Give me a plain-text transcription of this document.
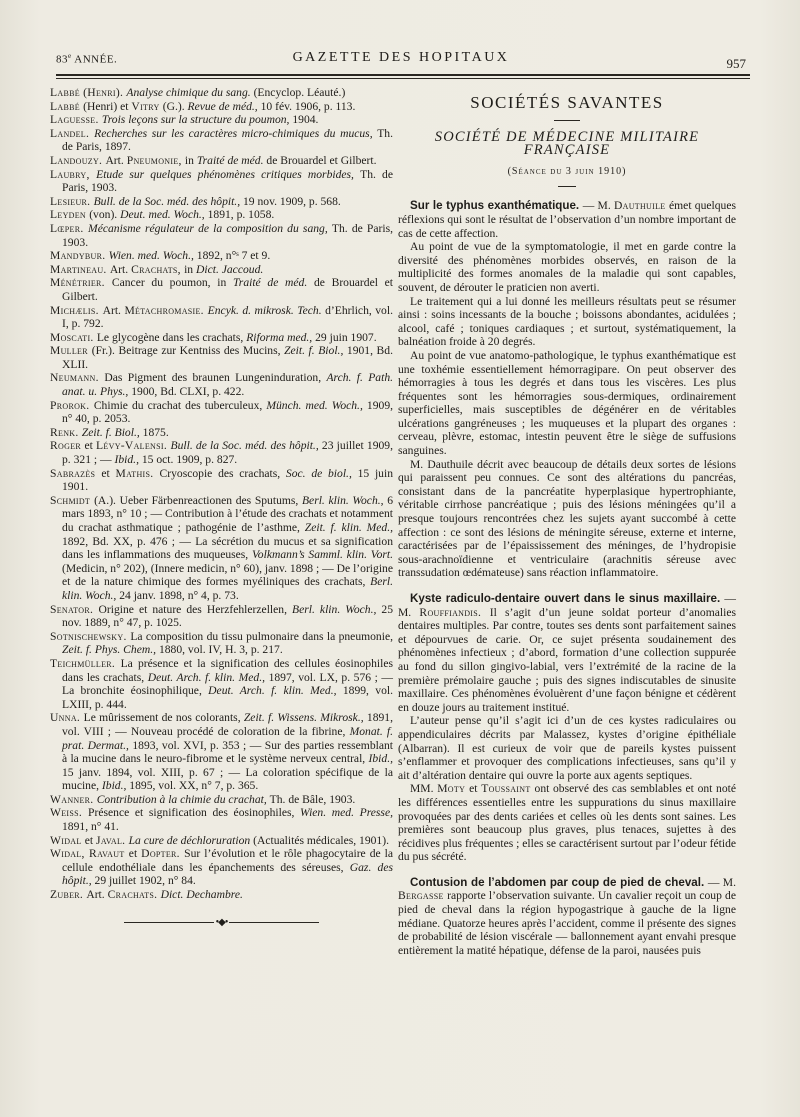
83e ANNÉE.	GAZETTE DES HOPITAUX	957

Labbé (Henri). Analyse chimique du sang. (Encyclop. Léauté.)

Labbé (Henri) et Vitry (G.). Revue de méd., 10 fév. 1906, p. 113.

Laguesse. Trois leçons sur la structure du poumon, 1904.

Landel. Recherches sur les caractères micro-chimiques du mucus, Th. de Paris, 1897.

Landouzy. Art. Pneumonie, in Traité de méd. de Brouardel et Gilbert.

Laubry, Etude sur quelques phénomènes critiques morbides, Th. de Paris, 1903.

Lesieur. Bull. de la Soc. méd. des hôpit., 19 nov. 1909, p. 568.

Leyden (von). Deut. med. Woch., 1891, p. 1058.

Lœper. Mécanisme régulateur de la composition du sang, Th. de Paris, 1903.

Mandybur. Wien. med. Woch., 1892, n°ˢ 7 et 9.

Martineau. Art. Crachats, in Dict. Jaccoud.

Ménétrier. Cancer du poumon, in Traité de méd. de Brouardel et Gilbert.

Michælis. Art. Métachromasie. Encyk. d. mikrosk. Tech. d’Ehrlich, vol. I, p. 792.

Moscati. Le glycogène dans les crachats, Riforma med., 29 juin 1907.

Muller (Fr.). Beitrage zur Kentniss des Mucins, Zeit. f. Biol., 1901, Bd. XLII.

Neumann. Das Pigment des braunen Lungeninduration, Arch. f. Path. anat. u. Phys., 1900, Bd. CLXI, p. 422.

Prorok. Chimie du crachat des tuberculeux, Münch. med. Woch., 1909, n° 40, p. 2053.

Renk. Zeit. f. Biol., 1875.

Roger et Lévy-Valensi. Bull. de la Soc. méd. des hôpit., 23 juillet 1909, p. 321 ; — Ibid., 15 oct. 1909, p. 827.

Sabrazès et Mathis. Cryoscopie des crachats, Soc. de biol., 15 juin 1901.

Schmidt (A.). Ueber Färbenreactionen des Sputums, Berl. klin. Woch., 6 mars 1893, n° 10 ; — Contribution à l’étude des crachats et notamment du crachat asthmatique ; pathogénie de l’asthme, Zeit. f. klin. Med., 1892, Bd. XX, p. 476 ; — La sécrétion du mucus et sa signification dans les inflammations des muqueuses, Volkmann’s Samml. klin. Vort. (Medicin, n° 202), (Innere medicin, n° 60), janv. 1898 ; — De l’origine et de la nature chimique des formes myéliniques des crachats, Berl. klin. Woch., 24 janv. 1898, n° 4, p. 73.

Senator. Origine et nature des Herzfehlerzellen, Berl. klin. Woch., 25 nov. 1889, n° 47, p. 1025.

Sotnischewsky. La composition du tissu pulmonaire dans la pneumonie, Zeit. f. Phys. Chem., 1880, vol. IV, H. 3, p. 217.

Teichmüller. La présence et la signification des cellules éosinophiles dans les crachats, Deut. Arch. f. klin. Med., 1897, vol. LX, p. 576 ; — La bronchite éosinophilique, Deut. Arch. f. klin. Med., 1899, vol. LXIII, p. 444.

Unna. Le mûrissement de nos colorants, Zeit. f. Wissens. Mikrosk., 1891, vol. VIII ; — Nouveau procédé de coloration de la fibrine, Monat. f. prat. Dermat., 1893, vol. XVI, p. 353 ; — Sur des parties ressemblant à la mucine dans le neuro-fibrome et le système nerveux central, Ibid., 15 janv. 1894, vol. XIII, p. 67 ; — La coloration spécifique de la mucine, Ibid., 1895, vol. XX, n° 7, p. 365.

Wanner. Contribution à la chimie du crachat, Th. de Bâle, 1903.

Weiss. Présence et signification des éosinophiles, Wien. med. Presse, 1891, n° 41.

Widal et Javal. La cure de déchloruration (Actualités médicales, 1901).

Widal, Ravaut et Dopter. Sur l’évolution et le rôle phagocytaire de la cellule endothéliale dans les épanchements des séreuses, Gaz. des hôpit., 29 juillet 1902, n° 84.

Zuber. Art. Crachats. Dict. Dechambre.

•◆•
SOCIÉTÉS SAVANTES
SOCIÉTÉ DE MÉDECINE MILITAIRE FRANÇAISE
(Séance du 3 juin 1910)

Sur le typhus exanthématique. — M. Dauthuile émet quelques réflexions qui sont le résultat de l’observation d’un nombre important de cas de cette affection.

Au point de vue de la symptomatologie, il met en garde contre la diversité des phénomènes morbides observés, en raison de la multiplicité des formes anomales de la maladie qui sont capables, souvent, de dérouter le praticien non averti.

Le traitement qui a lui donné les meilleurs résultats peut se résumer ainsi : soins incessants de la bouche ; boissons abondantes, acidulées ; alcool, café ; toniques cardiaques ; et surtout, systématiquement, la balnéation froide à 20 degrés.

Au point de vue anatomo-pathologique, le typhus exanthématique est une toxhémie essentiellement hémorragipare. On peut observer des hémorragies à tous les degrés et dans tous les viscères. Les plus fréquentes sont les hémorragies sous-dermiques, ordinairement superficielles, mais susceptibles de dégénérer en de véritables ulcérations gangréneuses ; les muqueuses et la plupart des organes : cerveau, plèvre, estomac, intestin peuvent être le siège de suffusions sanguines.

M. Dauthuile décrit avec beaucoup de détails deux sortes de lésions qui paraissent peu connues. Ce sont des altérations du pancréas, consistant dans de la pancréatite hyperplasique hypertrophiante, véritable cirrhose pancréatique ; puis des lésions méningées qu’il a presque toujours rencontrées chez les sujets ayant succombé à cette affection : ce sont des lésions de méningite séreuse, externe et interne, caractérisées par de l’épaississement des méninges, de l’hydropisie sous-arachnoïdienne et ventriculaire (arachnitis séreuse avec transsudation œdémateuse) sans réaction inflammatoire.

Kyste radiculo-dentaire ouvert dans le sinus maxillaire. — M. Rouffiandis. Il s’agit d’un jeune soldat porteur d’anomalies dentaires multiples. Par contre, toutes ses dents sont parfaitement saines et dépourvues de carie. Or, ce sujet présenta soudainement des phénomènes infectieux ; d’abord, formation d’une collection suppurée au fond du sillon gingivo-labial, vers l’extrémité de la racine de la première prémolaire gauche ; puis des signes indiscutables de sinusite maxillaire. Ces phénomènes évoluèrent d’une façon bénigne et cédèrent en douze jours au traitement institué.

L’auteur pense qu’il s’agit ici d’un de ces kystes radiculaires ou appendiculaires décrits par Malassez, kystes d’origine épithéliale (Albarran). Il est curieux de voir que de pareils kystes puissent s’enflammer et provoquer des complications infectieuses, sans qu’il y ait d’altération dentaire qui ouvre la porte aux agents septiques.

MM. Moty et Toussaint ont observé des cas semblables et ont noté les différences essentielles entre les suppurations du sinus maxillaire provoquées par des dents cariées et celles où les dents sont saines. Les premières sont beaucoup plus graves, plus tenaces, sujettes à des récidives plus fréquentes ; elles se caractérisent surtout par l’odeur fétide du pus sécrété.

Contusion de l’abdomen par coup de pied de cheval. — M. Bergasse rapporte l’observation suivante. Un cavalier reçoit un coup de pied de cheval dans la région hypogastrique à gauche de la ligne médiane. Quatorze heures après l’accident, comme il présente des signes de probabilité de lésion viscérale — ballonnement ayant envahi presque entièrement la matité hépatique, défense de la paroi, nausées puis
